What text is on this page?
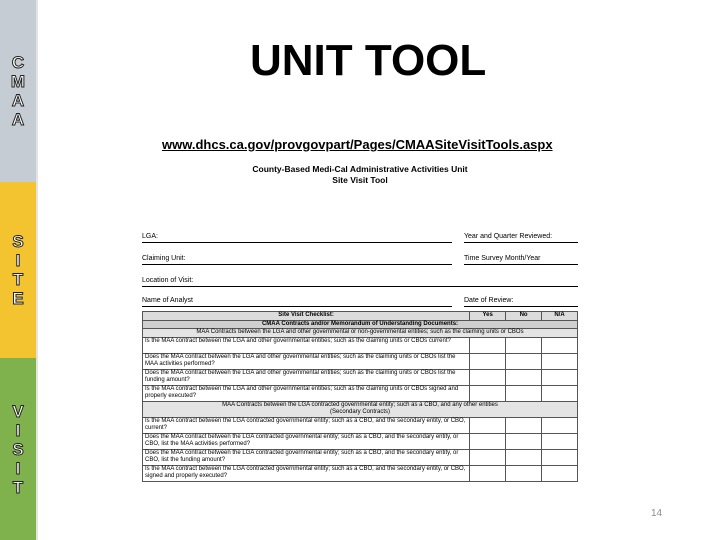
C
M
A
A
S
I
T
E
V
I
S
I
T
UNIT TOOL
www.dhcs.ca.gov/provgovpart/Pages/CMAASiteVisitTools.aspx
County-Based Medi-Cal Administrative Activities Unit
Site Visit Tool
LGA:	Year and Quarter Reviewed:
Claiming Unit:	Time Survey Month/Year
Location of Visit:
Name of Analyst	Date of Review:
Site Visit Checklist:	Yes	No	N/A
CMAA Contracts and/or Memorandum of Understanding Documents:			
MAA Contracts between the LGA and other governmental or non-governmental entities; such as the claiming units or CBOs			
Is the MAA contract between the LGA and other governmental entities; such as the claiming units or CBOs current?			
Does the MAA contract between the LGA and other governmental entities; such as the claiming units or CBOs list the MAA activities performed?			
Does the MAA contract between the LGA and other governmental entities; such as the claiming units or CBOs list the funding amount?			
Is the MAA contract between the LGA and other governmental entities; such as the claiming units or CBOs signed and properly executed?			

MAA Contracts between the LGA contracted governmental entity; such as a CBO, and any other entities
(Secondary Contracts)			

Is the MAA contract between the LGA contracted governmental entity; such as a CBO, and the secondary entity, or CBO, current?			
Does the MAA contract between the LGA contracted governmental entity; such as a CBO, and the secondary entity, or CBO, list the MAA activities performed?			
Does the MAA contract between the LGA contracted governmental entity; such as a CBO, and the secondary entity, or CBO, list the funding amount?			
Is the MAA contract between the LGA contracted governmental entity; such as a CBO, and the secondary entity, or CBO, signed and properly executed?			
14
